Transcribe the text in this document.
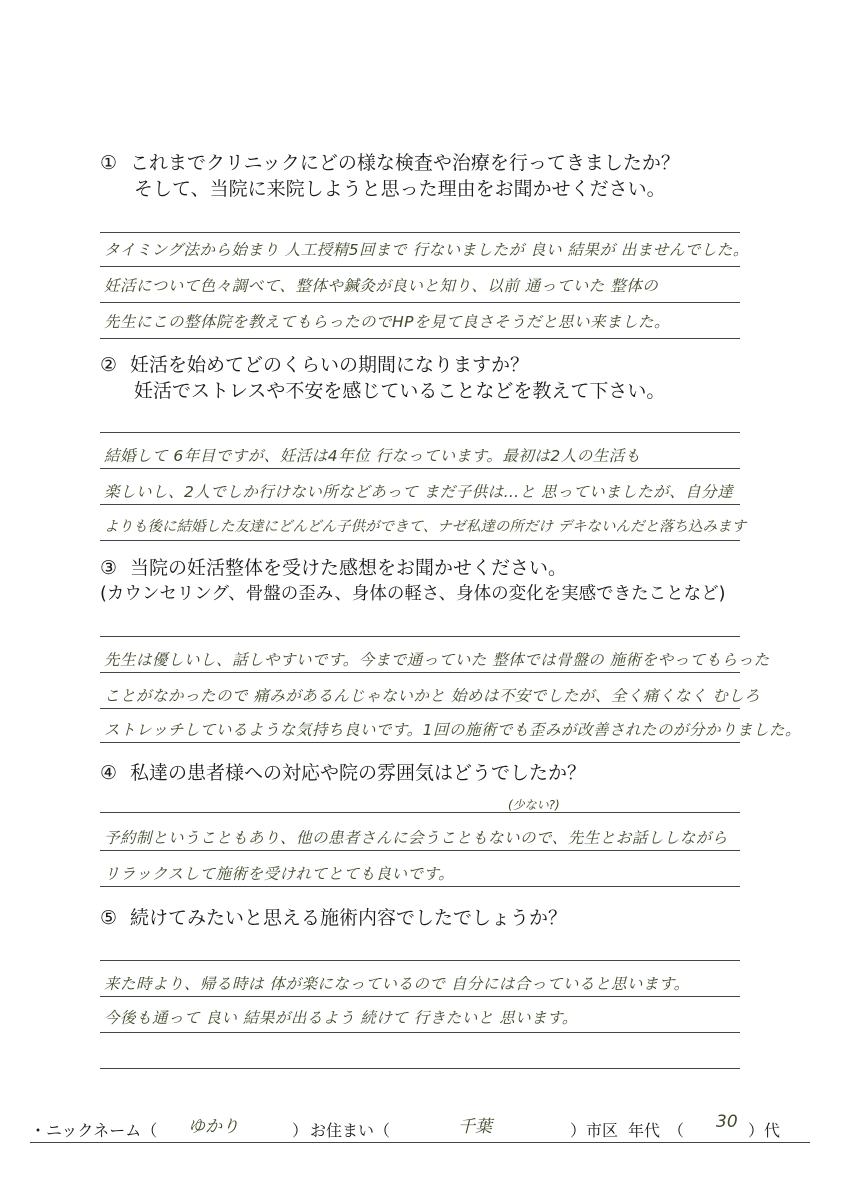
① これまでクリニックにどの様な検査や治療を行ってきましたか？
そして、当院に来院しようと思った理由をお聞かせください。
タイミング法から始まり 人工授精5回まで 行ないましたが 良い 結果が 出ませんでした。
妊活について色々調べて、整体や鍼灸が良いと知り、以前 通っていた 整体の
先生にこの整体院を教えてもらったのでHPを見て良さそうだと思い来ました。
② 妊活を始めてどのくらいの期間になりますか？
妊活でストレスや不安を感じていることなどを教えて下さい。
結婚して 6年目ですが、妊活は4年位 行なっています。最初は2人の生活も
楽しいし、2人でしか行けない所などあって まだ子供は…と 思っていましたが、自分達
よりも後に結婚した友達にどんどん子供ができて、ナゼ私達の所だけ デキないんだと落ち込みます
③ 当院の妊活整体を受けた感想をお聞かせください。
(カウンセリング、骨盤の歪み、身体の軽さ、身体の変化を実感できたことなど)
先生は優しいし、話しやすいです。今まで通っていた 整体では骨盤の 施術をやってもらった
ことがなかったので 痛みがあるんじゃないかと 始めは不安でしたが、全く痛くなく むしろ
ストレッチしているような気持ち良いです。1回の施術でも歪みが改善されたのが分かりました。
④ 私達の患者様への対応や院の雰囲気はどうでしたか？
(少ない?)
予約制ということもあり、他の患者さんに会うこともないので、先生とお話ししながら
リラックスして施術を受けれてとても良いです。
⑤ 続けてみたいと思える施術内容でしたでしょうか？
来た時より、帰る時は 体が楽になっているので 自分には合っていると思います。
今後も通って 良い 結果が出るよう 続けて 行きたいと 思います。
・ニックネーム（ ゆかり	） お住まい（	千葉	） 市区 年代　（ 30 ）代
